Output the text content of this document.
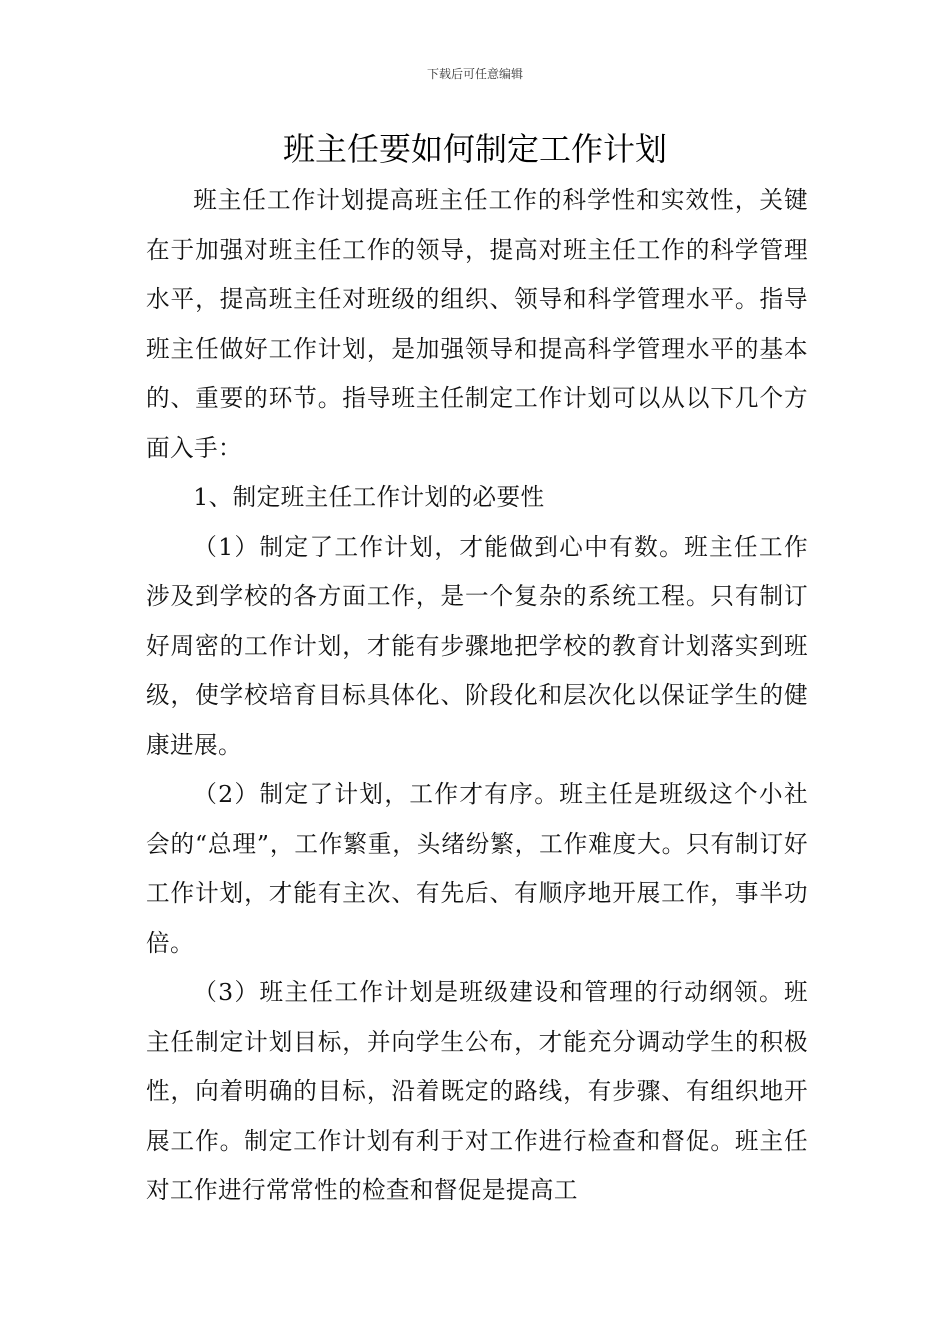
下载后可任意编辑
班主任要如何制定工作计划

班主任工作计划提高班主任工作的科学性和实效性，关键在于加强对班主任工作的领导，提高对班主任工作的科学管理水平，提高班主任对班级的组织、领导和科学管理水平。指导班主任做好工作计划，是加强领导和提高科学管理水平的基本的、重要的环节。指导班主任制定工作计划可以从以下几个方面入手：

1、制定班主任工作计划的必要性

（1）制定了工作计划，才能做到心中有数。班主任工作涉及到学校的各方面工作，是一个复杂的系统工程。只有制订好周密的工作计划，才能有步骤地把学校的教育计划落实到班级，使学校培育目标具体化、阶段化和层次化以保证学生的健康进展。

（2）制定了计划，工作才有序。班主任是班级这个小社会的“总理”，工作繁重，头绪纷繁，工作难度大。只有制订好工作计划，才能有主次、有先后、有顺序地开展工作，事半功倍。

（3）班主任工作计划是班级建设和管理的行动纲领。班主任制定计划目标，并向学生公布，才能充分调动学生的积极性，向着明确的目标，沿着既定的路线，有步骤、有组织地开展工作。制定工作计划有利于对工作进行检查和督促。班主任对工作进行常常性的检查和督促是提高工
